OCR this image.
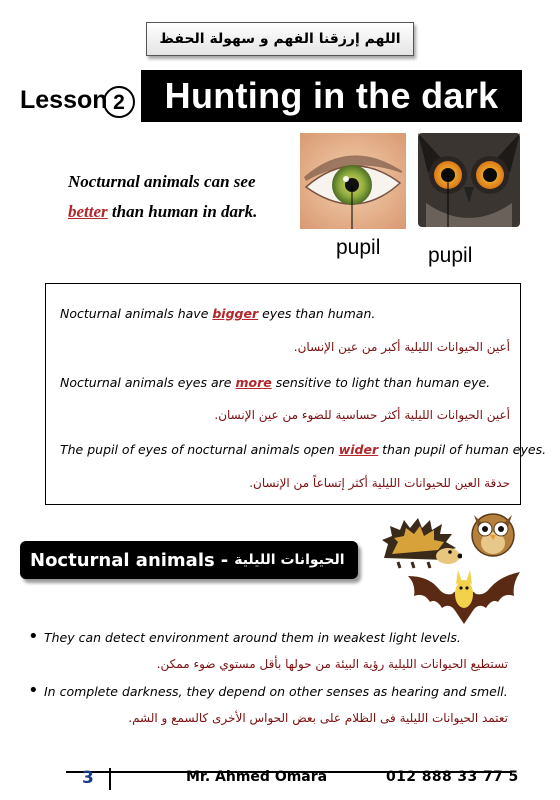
اللهم إرزقنا الفهم و سهولة الحفظ
Lesson 2 Hunting in the dark
Nocturnal animals can see
better than human in dark.
pupil pupil
Nocturnal animals have bigger eyes than human.
أعين الحيوانات الليلية أكبر من عين الإنسان.
Nocturnal animals eyes are more sensitive to light than human eye.
أعين الحيوانات الليلية أكثر حساسية للضوء من عين الإنسان.
The pupil of eyes of nocturnal animals open wider than pupil of human eyes.
حدقة العين للحيوانات الليلية أكثر إتساعاً من الإنسان.
Nocturnal animals - الحيوانات الليلية
• They can detect environment around them in weakest light levels.
تستطيع الحيوانات الليلية رؤية البيئة من حولها بأقل مستوي ضوء ممكن.
• In complete darkness, they depend on other senses as hearing and smell.
تعتمد الحيوانات الليلية فى الظلام على بعض الحواس الأخرى كالسمع و الشم.
3	Mr. Ahmed Omara	012 888 33 77 5
